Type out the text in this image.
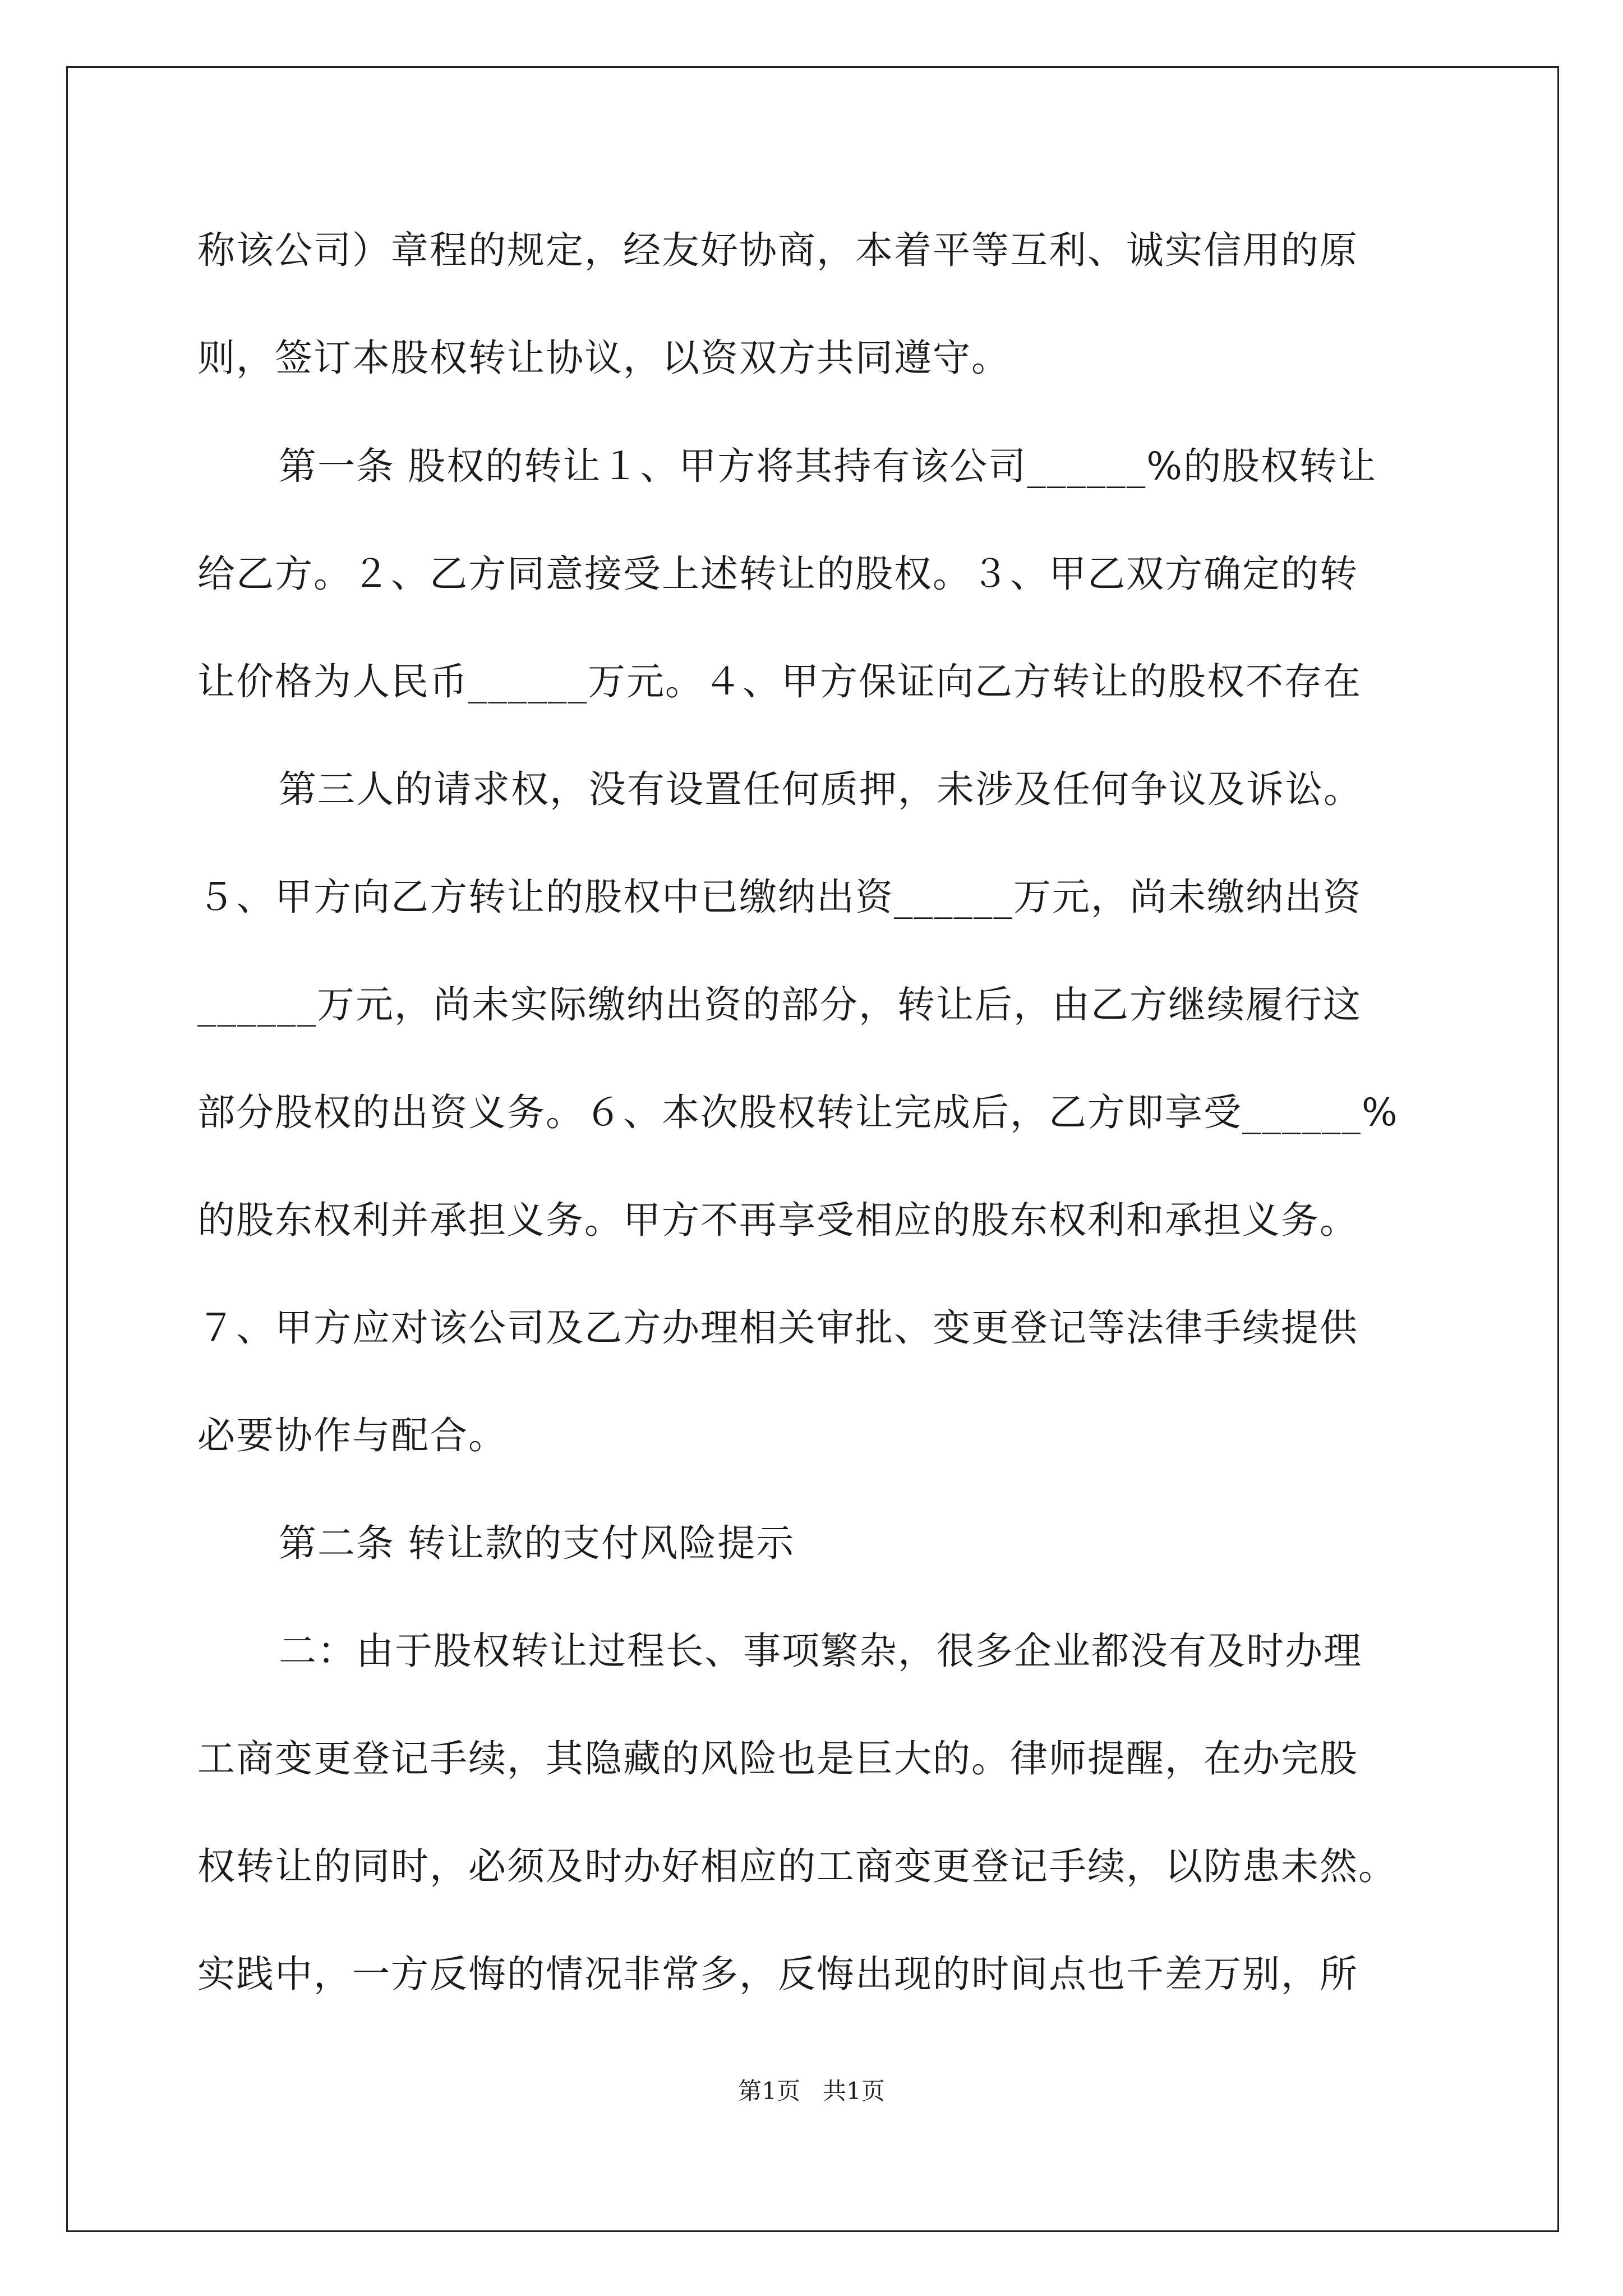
称该公司）章程的规定，经友好协商，本着平等互利、诚实信用的原

则，签订本股权转让协议，以资双方共同遵守。

第一条 股权的转让１、甲方将其持有该公司______%的股权转让

给乙方。２、乙方同意接受上述转让的股权。３、甲乙双方确定的转

让价格为人民币______万元。４、甲方保证向乙方转让的股权不存在

第三人的请求权，没有设置任何质押，未涉及任何争议及诉讼。

５、甲方向乙方转让的股权中已缴纳出资______万元，尚未缴纳出资

______万元，尚未实际缴纳出资的部分，转让后，由乙方继续履行这

部分股权的出资义务。６、本次股权转让完成后，乙方即享受______%

的股东权利并承担义务。甲方不再享受相应的股东权利和承担义务。

７、甲方应对该公司及乙方办理相关审批、变更登记等法律手续提供

必要协作与配合。

第二条 转让款的支付风险提示

二：由于股权转让过程长、事项繁杂，很多企业都没有及时办理

工商变更登记手续，其隐藏的风险也是巨大的。律师提醒，在办完股

权转让的同时，必须及时办好相应的工商变更登记手续，以防患未然。

实践中，一方反悔的情况非常多，反悔出现的时间点也千差万别，所

第1页   共1页
